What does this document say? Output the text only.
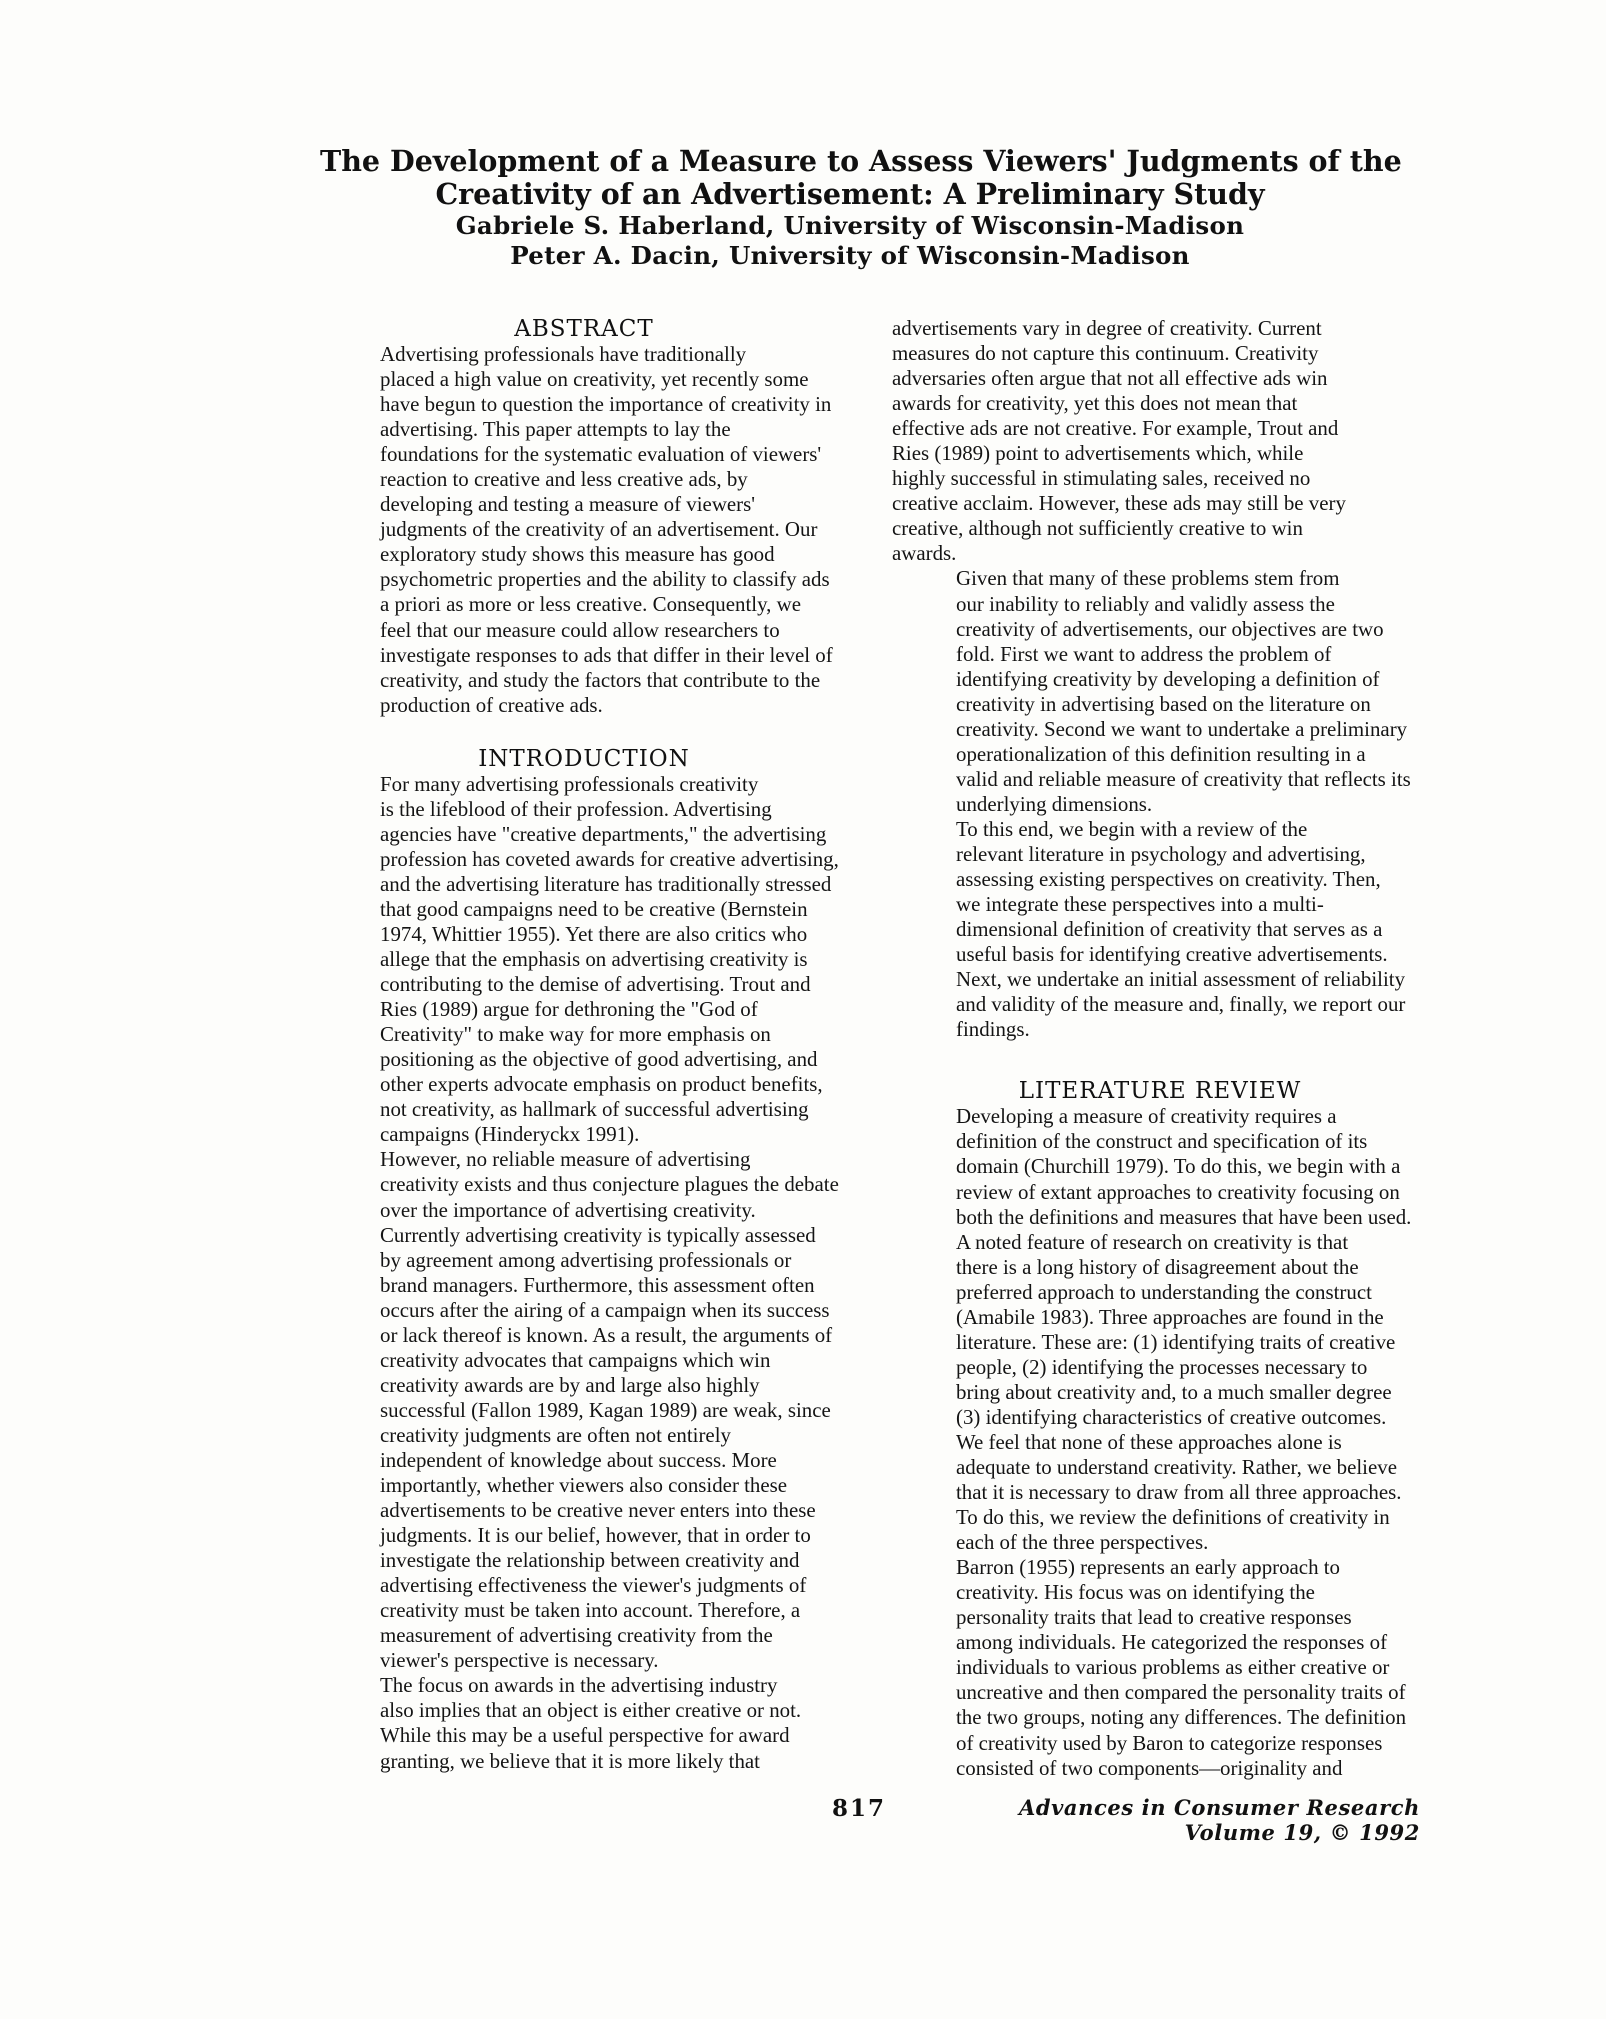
The Development of a Measure to Assess Viewers' Judgments of the
Creativity of an Advertisement: A Preliminary Study
Gabriele S. Haberland, University of Wisconsin-Madison
Peter A. Dacin, University of Wisconsin-Madison
ABSTRACT

Advertising professionals have traditionally
placed a high value on creativity, yet recently some
have begun to question the importance of creativity in
advertising. This paper attempts to lay the
foundations for the systematic evaluation of viewers'
reaction to creative and less creative ads, by
developing and testing a measure of viewers'
judgments of the creativity of an advertisement. Our
exploratory study shows this measure has good
psychometric properties and the ability to classify ads
a priori as more or less creative. Consequently, we
feel that our measure could allow researchers to
investigate responses to ads that differ in their level of
creativity, and study the factors that contribute to the
production of creative ads.

INTRODUCTION

For many advertising professionals creativity
is the lifeblood of their profession. Advertising
agencies have "creative departments," the advertising
profession has coveted awards for creative advertising,
and the advertising literature has traditionally stressed
that good campaigns need to be creative (Bernstein
1974, Whittier 1955). Yet there are also critics who
allege that the emphasis on advertising creativity is
contributing to the demise of advertising. Trout and
Ries (1989) argue for dethroning the "God of
Creativity" to make way for more emphasis on
positioning as the objective of good advertising, and
other experts advocate emphasis on product benefits,
not creativity, as hallmark of successful advertising
campaigns (Hinderyckx 1991).

However, no reliable measure of advertising
creativity exists and thus conjecture plagues the debate
over the importance of advertising creativity.
Currently advertising creativity is typically assessed
by agreement among advertising professionals or
brand managers. Furthermore, this assessment often
occurs after the airing of a campaign when its success
or lack thereof is known. As a result, the arguments of
creativity advocates that campaigns which win
creativity awards are by and large also highly
successful (Fallon 1989, Kagan 1989) are weak, since
creativity judgments are often not entirely
independent of knowledge about success. More
importantly, whether viewers also consider these
advertisements to be creative never enters into these
judgments. It is our belief, however, that in order to
investigate the relationship between creativity and
advertising effectiveness the viewer's judgments of
creativity must be taken into account. Therefore, a
measurement of advertising creativity from the
viewer's perspective is necessary.

The focus on awards in the advertising industry
also implies that an object is either creative or not.
While this may be a useful perspective for award
granting, we believe that it is more likely that

advertisements vary in degree of creativity. Current
measures do not capture this continuum. Creativity
adversaries often argue that not all effective ads win
awards for creativity, yet this does not mean that
effective ads are not creative. For example, Trout and
Ries (1989) point to advertisements which, while
highly successful in stimulating sales, received no
creative acclaim. However, these ads may still be very
creative, although not sufficiently creative to win
awards.

Given that many of these problems stem from
our inability to reliably and validly assess the
creativity of advertisements, our objectives are two
fold. First we want to address the problem of
identifying creativity by developing a definition of
creativity in advertising based on the literature on
creativity. Second we want to undertake a preliminary
operationalization of this definition resulting in a
valid and reliable measure of creativity that reflects its
underlying dimensions.

To this end, we begin with a review of the
relevant literature in psychology and advertising,
assessing existing perspectives on creativity. Then,
we integrate these perspectives into a multi-
dimensional definition of creativity that serves as a
useful basis for identifying creative advertisements.
Next, we undertake an initial assessment of reliability
and validity of the measure and, finally, we report our
findings.

LITERATURE REVIEW

Developing a measure of creativity requires a
definition of the construct and specification of its
domain (Churchill 1979). To do this, we begin with a
review of extant approaches to creativity focusing on
both the definitions and measures that have been used.

A noted feature of research on creativity is that
there is a long history of disagreement about the
preferred approach to understanding the construct
(Amabile 1983). Three approaches are found in the
literature. These are: (1) identifying traits of creative
people, (2) identifying the processes necessary to
bring about creativity and, to a much smaller degree
(3) identifying characteristics of creative outcomes.
We feel that none of these approaches alone is
adequate to understand creativity. Rather, we believe
that it is necessary to draw from all three approaches.
To do this, we review the definitions of creativity in
each of the three perspectives.

Barron (1955) represents an early approach to
creativity. His focus was on identifying the
personality traits that lead to creative responses
among individuals. He categorized the responses of
individuals to various problems as either creative or
uncreative and then compared the personality traits of
the two groups, noting any differences. The definition
of creativity used by Baron to categorize responses
consisted of two components—originality and

817	Advances in Consumer Research
Volume 19, © 1992
